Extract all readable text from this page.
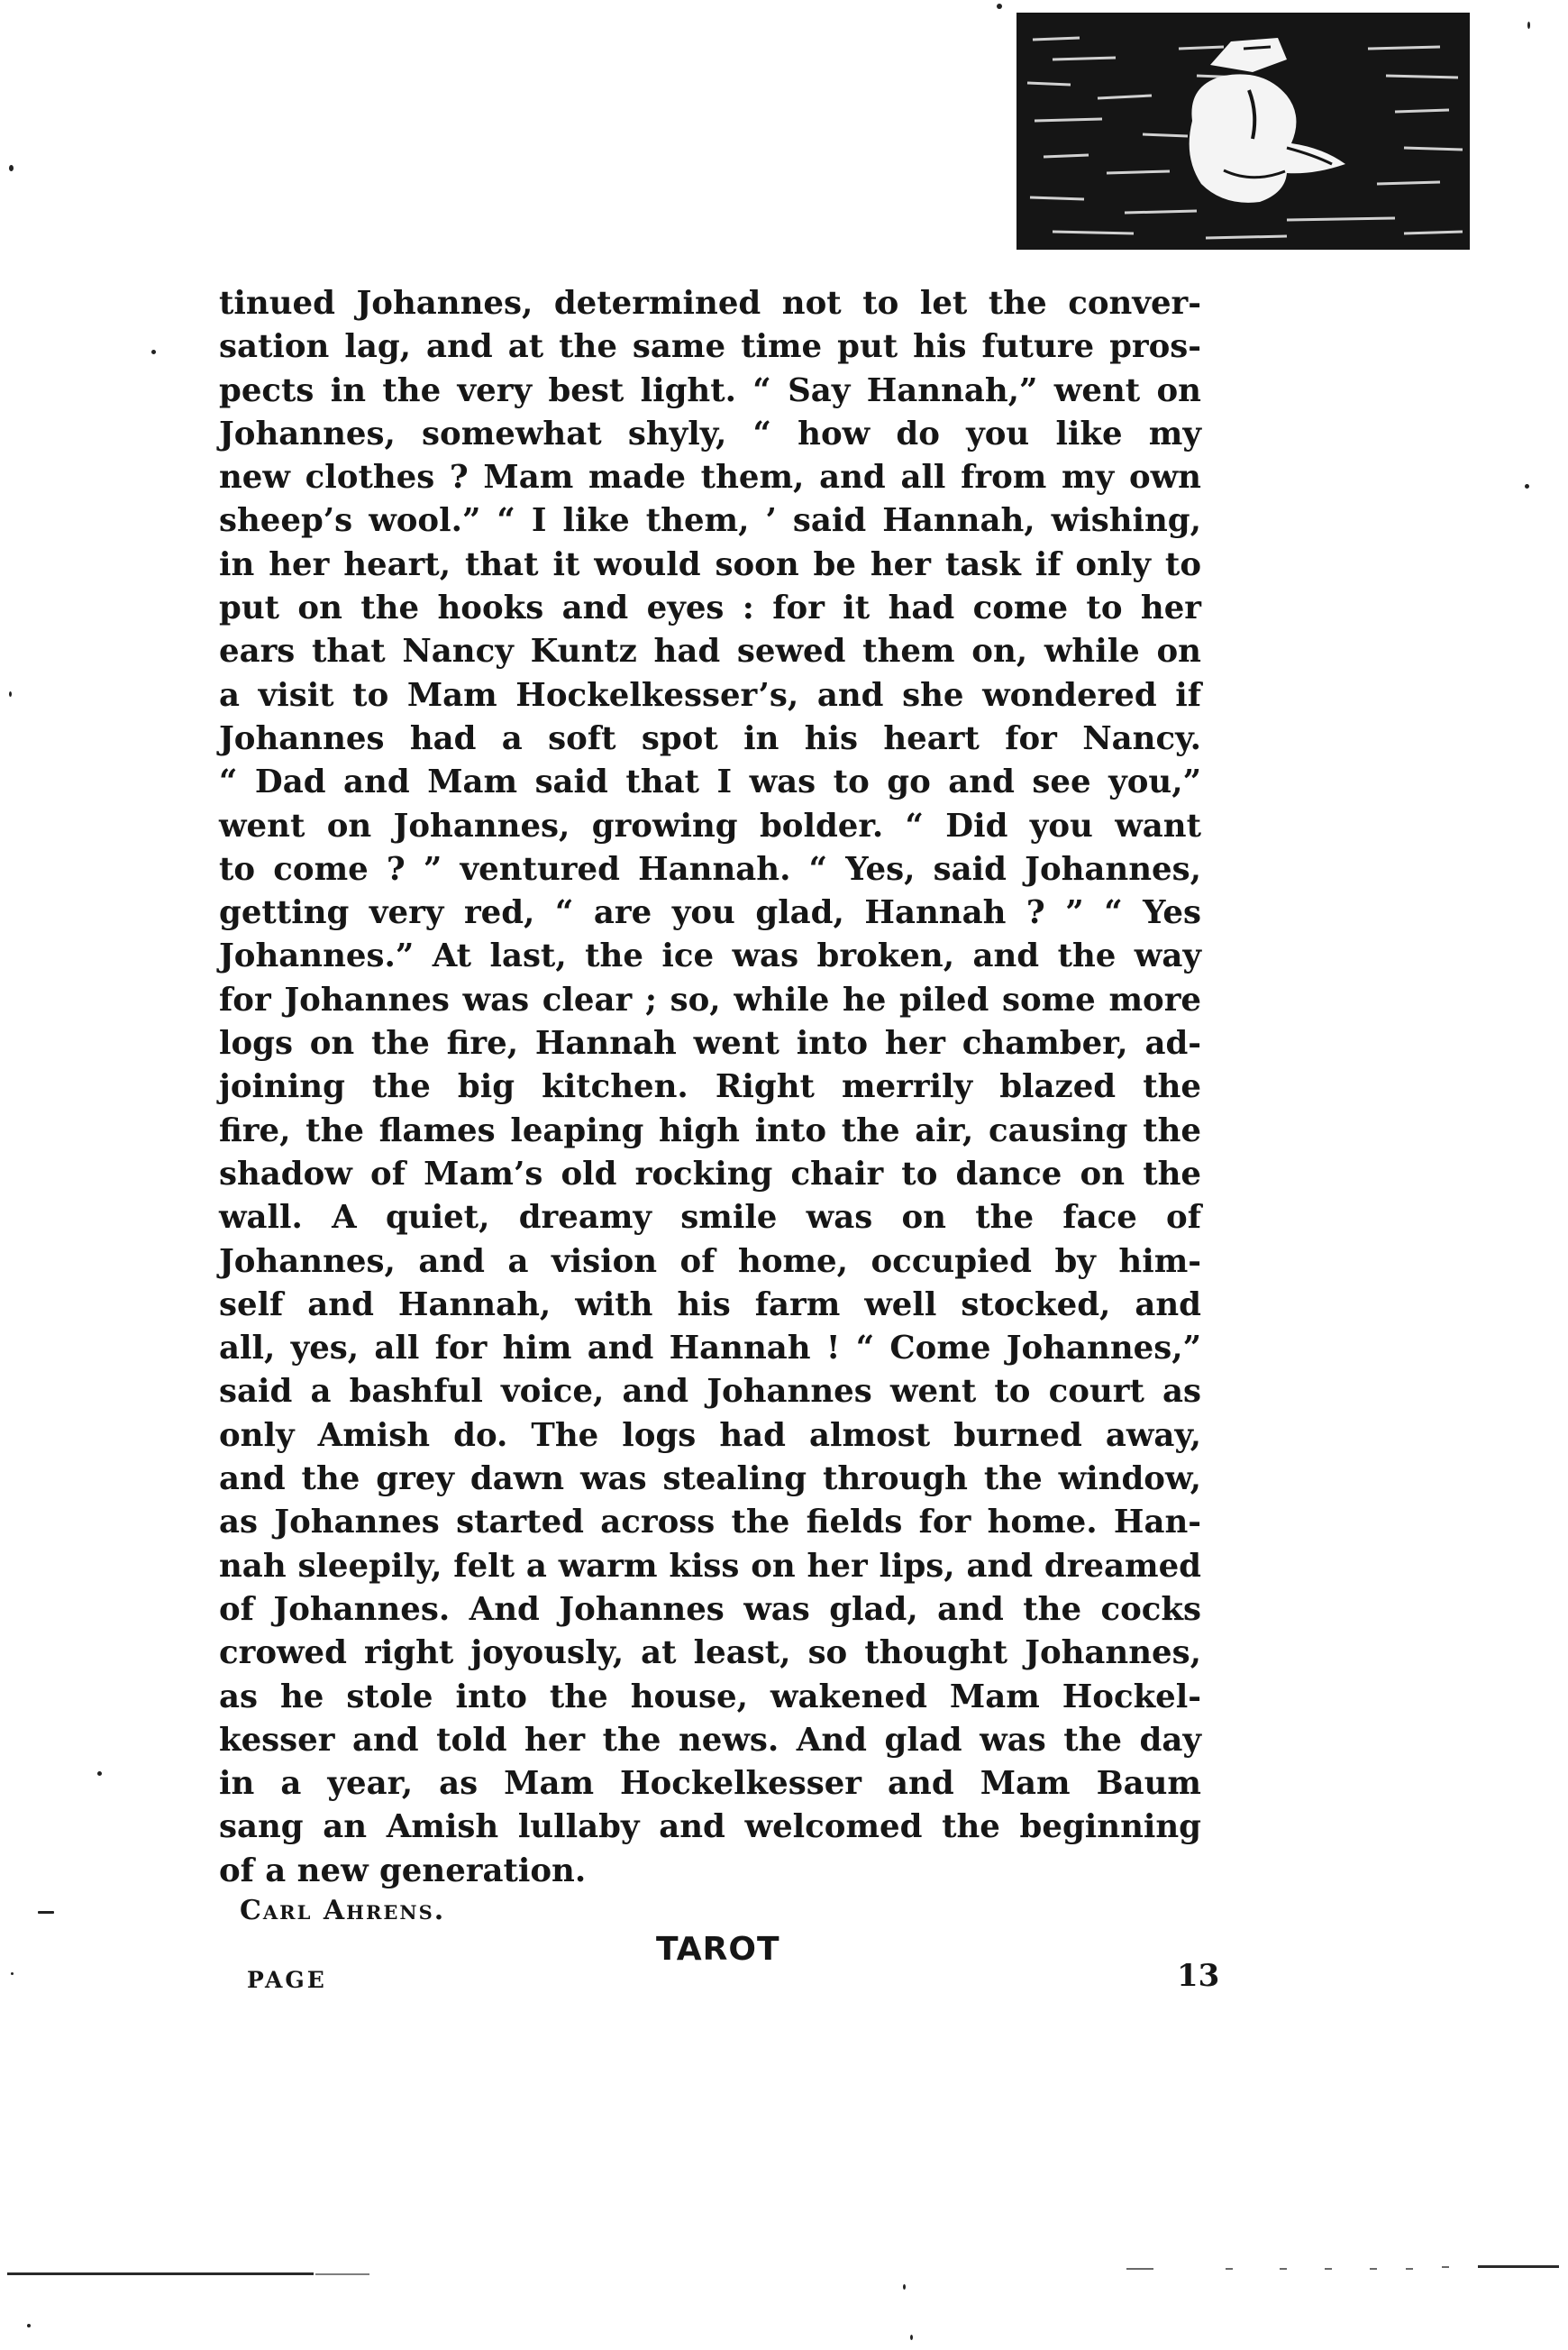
tinued Johannes, determined not to let the conver-
sation lag, and at the same time put his future pros-
pects in the very best light. “ Say Hannah,” went on
Johannes, somewhat shyly, “ how do you like my
new clothes ? Mam made them, and all from my own
sheep’s wool.” “ I like them, ’ said Hannah, wishing,
in her heart, that it would soon be her task if only to
put on the hooks and eyes : for it had come to her
ears that Nancy Kuntz had sewed them on, while on
a visit to Mam Hockelkesser’s, and she wondered if
Johannes had a soft spot in his heart for Nancy.
“ Dad and Mam said that I was to go and see you,”
went on Johannes, growing bolder. “ Did you want
to come ? ” ventured Hannah. “ Yes, said Johannes,
getting very red, “ are you glad, Hannah ? ” “ Yes
Johannes.” At last, the ice was broken, and the way
for Johannes was clear ; so, while he piled some more
logs on the fire, Hannah went into her chamber, ad-
joining the big kitchen. Right merrily blazed the
fire, the flames leaping high into the air, causing the
shadow of Mam’s old rocking chair to dance on the
wall. A quiet, dreamy smile was on the face of
Johannes, and a vision of home, occupied by him-
self and Hannah, with his farm well stocked, and
all, yes, all for him and Hannah ! “ Come Johannes,”
said a bashful voice, and Johannes went to court as
only Amish do. The logs had almost burned away,
and the grey dawn was stealing through the window,
as Johannes started across the fields for home. Han-
nah sleepily, felt a warm kiss on her lips, and dreamed
of Johannes. And Johannes was glad, and the cocks
crowed right joyously, at least, so thought Johannes,
as he stole into the house, wakened Mam Hockel-
kesser and told her the news. And glad was the day
in a year, as Mam Hockelkesser and Mam Baum
sang an Amish lullaby and welcomed the beginning
of a new generation.
Carl Ahrens.
TAROT
PAGE	13
